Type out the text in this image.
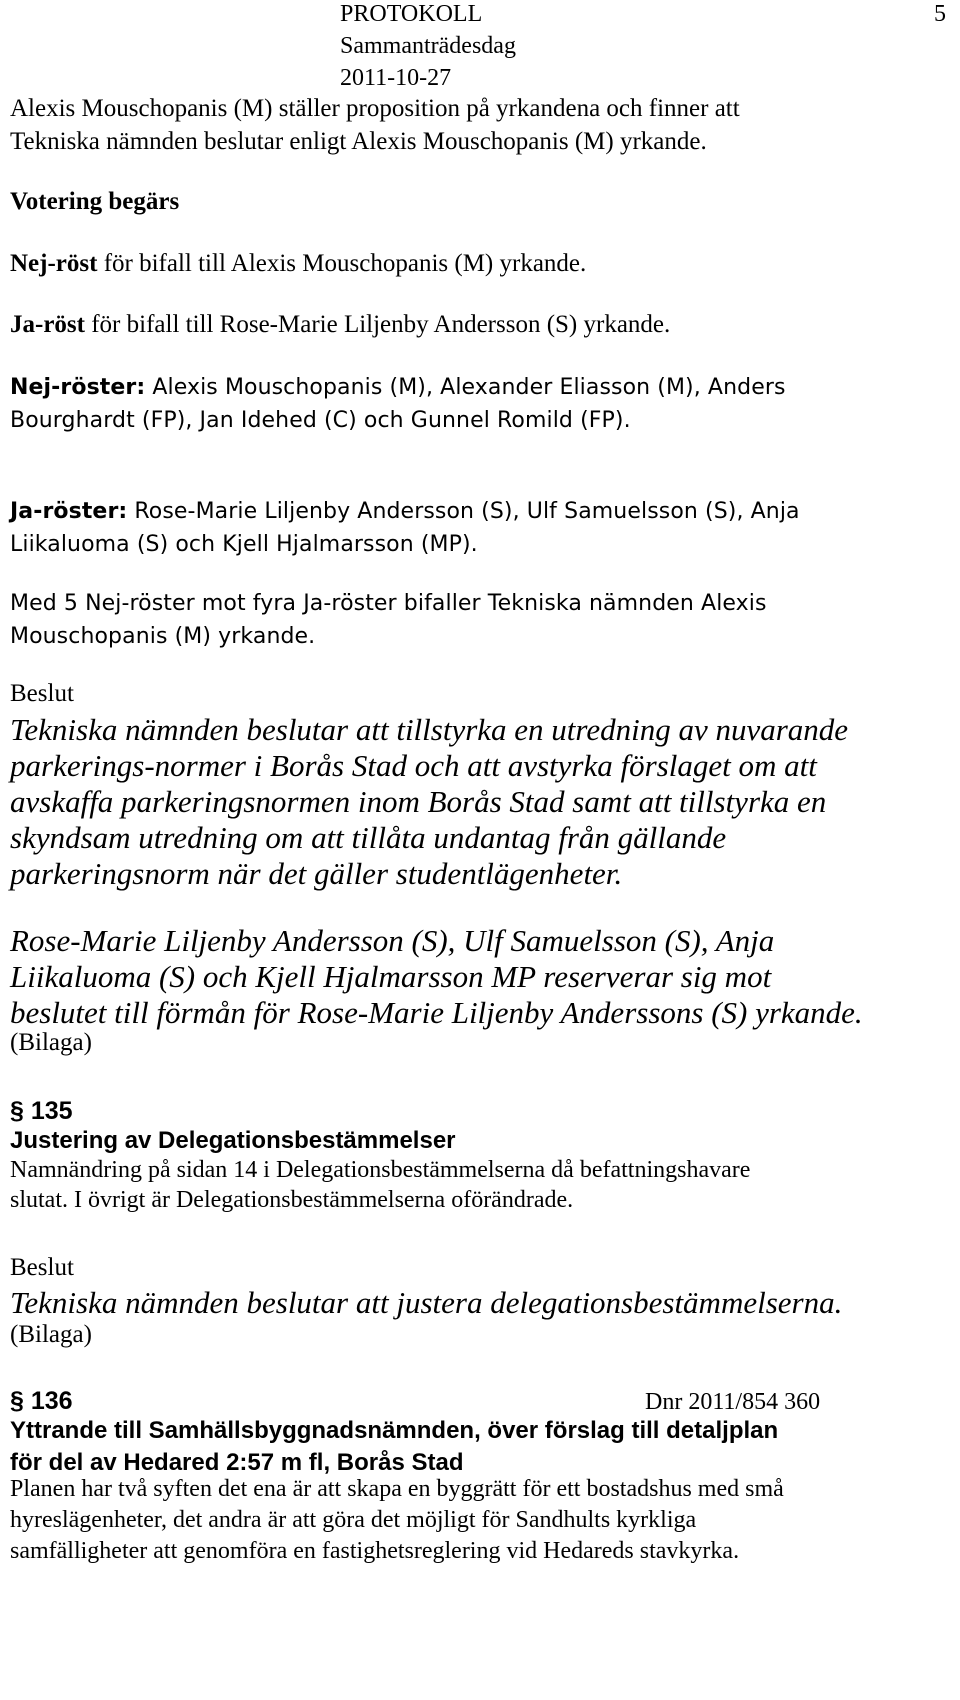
PROTOKOLL	5
Sammanträdesdag
2011-10-27
Alexis Mouschopanis (M) ställer proposition på yrkandena och finner att
Tekniska nämnden beslutar enligt Alexis Mouschopanis (M) yrkande.
Votering begärs
Nej-röst för bifall till Alexis Mouschopanis (M) yrkande.
Ja-röst för bifall till Rose-Marie Liljenby Andersson (S) yrkande.
Nej-röster: Alexis Mouschopanis (M), Alexander Eliasson (M), Anders
Bourghardt (FP), Jan Idehed (C) och Gunnel Romild (FP).
Ja-röster: Rose-Marie Liljenby Andersson (S), Ulf Samuelsson (S), Anja
Liikaluoma (S) och Kjell Hjalmarsson (MP).
Med 5 Nej-röster mot fyra Ja-röster bifaller Tekniska nämnden Alexis
Mouschopanis (M) yrkande.
Beslut
Tekniska nämnden beslutar att tillstyrka en utredning av nuvarande
parkerings-normer i Borås Stad och att avstyrka förslaget om att
avskaffa parkeringsnormen inom Borås Stad samt att tillstyrka en
skyndsam utredning om att tillåta undantag från gällande
parkeringsnorm när det gäller studentlägenheter.
Rose-Marie Liljenby Andersson (S), Ulf Samuelsson (S), Anja
Liikaluoma (S) och Kjell Hjalmarsson MP reserverar sig mot
beslutet till förmån för Rose-Marie Liljenby Anderssons (S) yrkande.
(Bilaga)
§ 135
Justering av Delegationsbestämmelser
Namnändring på sidan 14 i Delegationsbestämmelserna då befattningshavare
slutat. I övrigt är Delegationsbestämmelserna oförändrade.
Beslut
Tekniska nämnden beslutar att justera delegationsbestämmelserna.
(Bilaga)
§ 136	Dnr 2011/854 360
Yttrande till Samhällsbyggnadsnämnden, över förslag till detaljplan
för del av Hedared 2:57 m fl, Borås Stad
Planen har två syften det ena är att skapa en byggrätt för ett bostadshus med små
hyreslägenheter, det andra är att göra det möjligt för Sandhults kyrkliga
samfälligheter att genomföra en fastighetsreglering vid Hedareds stavkyrka.
